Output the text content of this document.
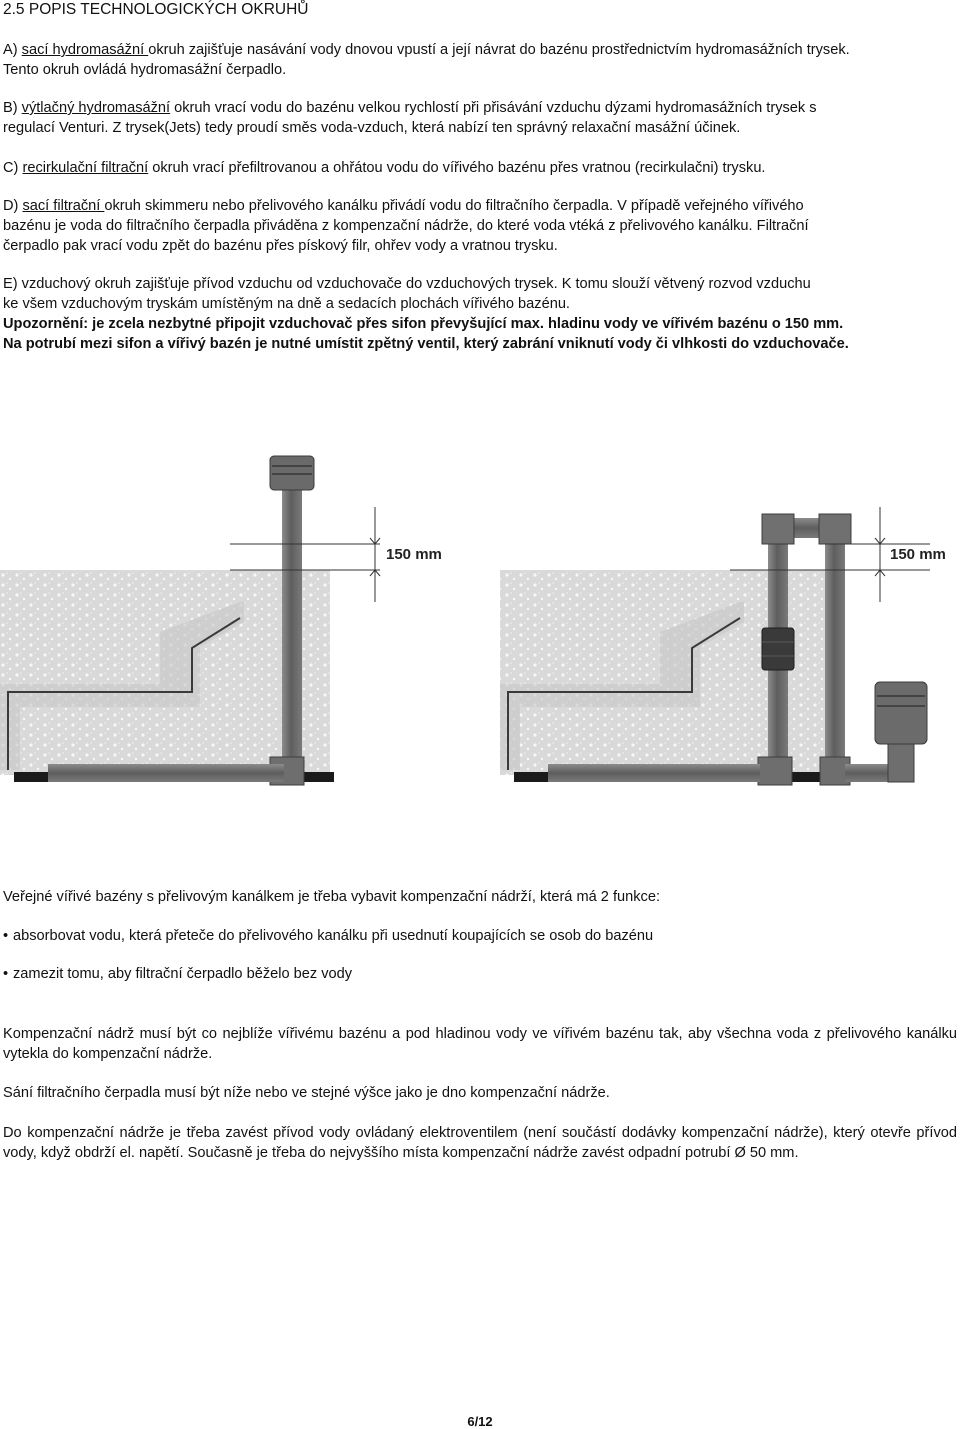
2.5 POPIS TECHNOLOGICKÝCH OKRUHŮ

A) sací hydromasážní okruh zajišťuje nasávání vody dnovou vpustí a její návrat do bazénu prostřednictvím hydromasážních trysek.
Tento okruh ovládá hydromasážní čerpadlo.

B) výtlačný hydromasážní okruh vrací vodu do bazénu velkou rychlostí při přisávání vzduchu dýzami hydromasážních trysek s
regulací Venturi. Z trysek(Jets) tedy proudí směs voda-vzduch, která nabízí ten správný relaxační masážní účinek.

C) recirkulační filtrační okruh vrací přefiltrovanou a ohřátou vodu do vířivého bazénu přes vratnou (recirkulačni) trysku.

D) sací filtrační okruh skimmeru nebo přelivového kanálku přivádí vodu do filtračního čerpadla. V případě veřejného vířivého
bazénu je voda do filtračního čerpadla přiváděna z kompenzační nádrže, do které voda vtéká z přelivového kanálku. Filtrační
čerpadlo pak vrací vodu zpět do bazénu přes pískový filr, ohřev vody a vratnou trysku.

E) vzduchový okruh zajišťuje přívod vzduchu od vzduchovače do vzduchových trysek. K tomu slouží větvený rozvod vzduchu
ke všem vzduchovým tryskám umístěným na dně a sedacích plochách vířivého bazénu.
Upozornění: je zcela nezbytné připojit vzduchovač přes sifon převyšující max. hladinu vody ve vířivém bazénu o 150 mm.
Na potrubí mezi sifon a vířivý bazén je nutné umístit zpětný ventil, který zabrání vniknutí vody či vlhkosti do vzduchovače.

150 mm	150 mm

Veřejné vířivé bazény s přelivovým kanálkem je třeba vybavit kompenzační nádrží, která má 2 funkce:

• absorbovat vodu, která přeteče do přelivového kanálku při usednutí koupajících se osob do bazénu

• zamezit tomu, aby filtrační čerpadlo běželo bez vody

Kompenzační nádrž musí být co nejblíže vířivému bazénu a pod hladinou vody ve vířivém bazénu tak, aby všechna voda z přelivového kanálku vytekla do kompenzační nádrže.

Sání filtračního čerpadla musí být níže nebo ve stejné výšce jako je dno kompenzační nádrže.

Do kompenzační nádrže je třeba zavést přívod vody ovládaný elektroventilem (není součástí dodávky kompenzační nádrže), který otevře přívod vody, když obdrží el. napětí. Současně je třeba do nejvyššího místa kompenzační nádrže zavést odpadní potrubí Ø 50 mm.

6/12
